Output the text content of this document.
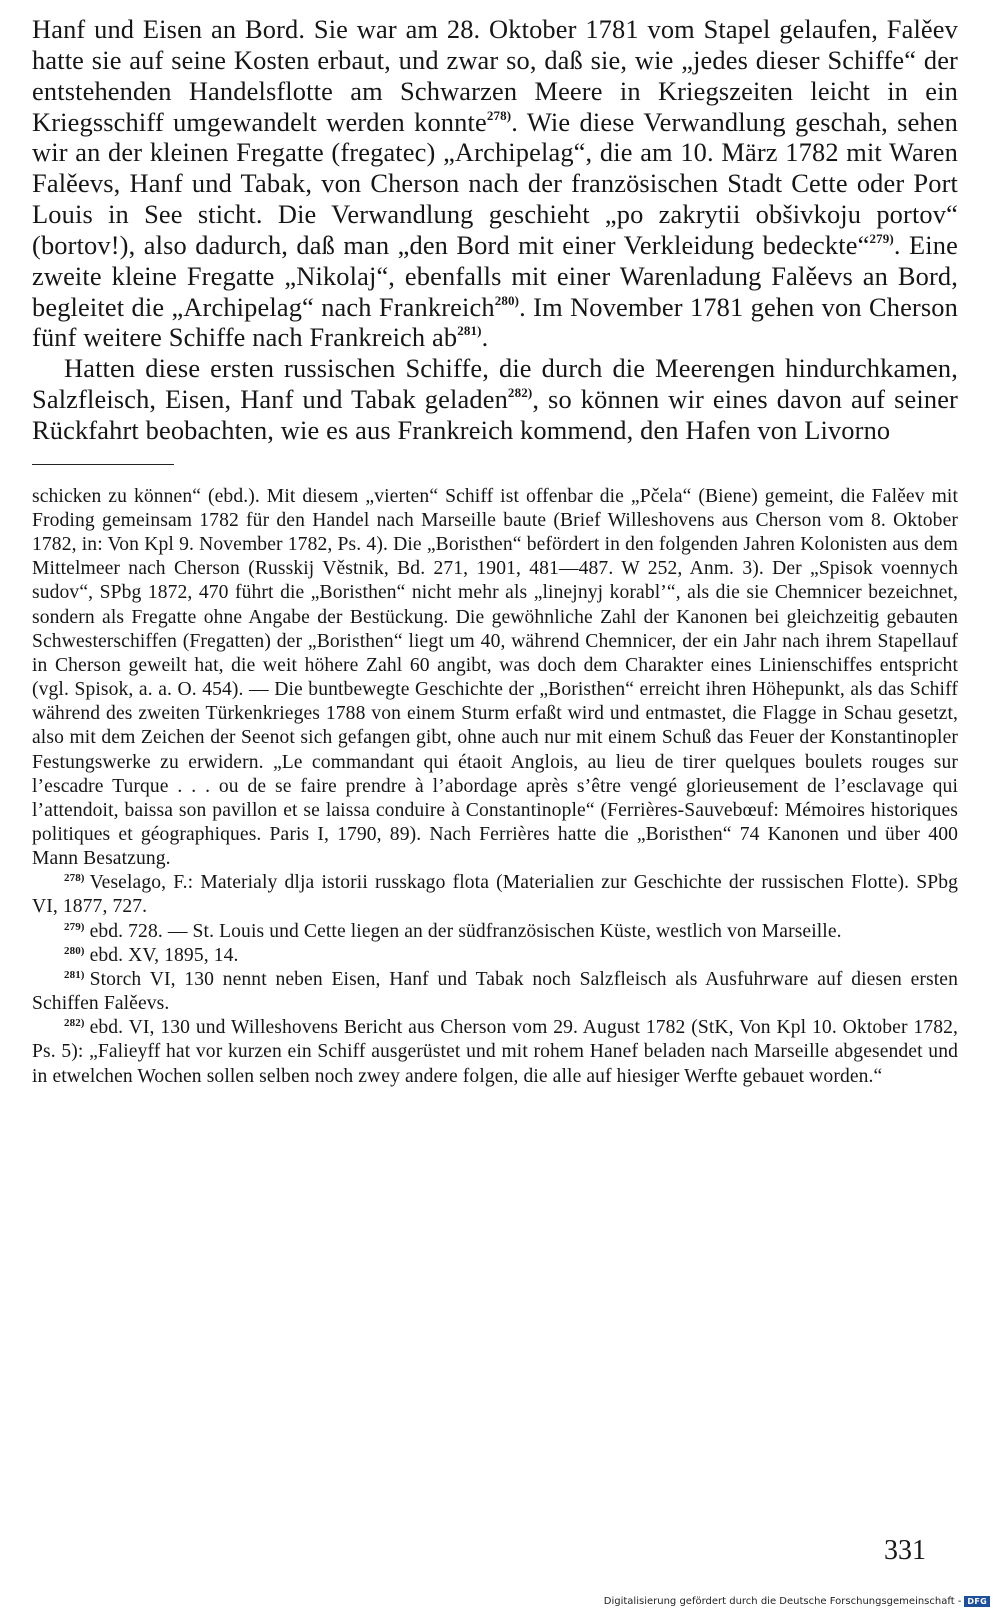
Hanf und Eisen an Bord. Sie war am 28. Oktober 1781 vom Stapel gelaufen, Falěev hatte sie auf seine Kosten erbaut, und zwar so, daß sie, wie „jedes dieser Schiffe“ der entstehenden Handelsflotte am Schwarzen Meere in Kriegszeiten leicht in ein Kriegsschiff umgewandelt werden konnte$^{278)}$. Wie diese Verwandlung geschah, sehen wir an der kleinen Fregatte (fregatec) „Archipelag“, die am 10. März 1782 mit Waren Falěevs, Hanf und Tabak, von Cherson nach der französischen Stadt Cette oder Port Louis in See sticht. Die Verwandlung geschieht „po zakrytii obšivkoju portov“ (bortov!), also dadurch, daß man „den Bord mit einer Verkleidung bedeckte“$^{279)}$. Eine zweite kleine Fregatte „Nikolaj“, ebenfalls mit einer Warenladung Falěevs an Bord, begleitet die „Archipelag“ nach Frankreich$^{280)}$. Im November 1781 gehen von Cherson fünf weitere Schiffe nach Frankreich ab$^{281)}$.

Hatten diese ersten russischen Schiffe, die durch die Meerengen hindurchkamen, Salzfleisch, Eisen, Hanf und Tabak geladen$^{282)}$, so können wir eines davon auf seiner Rückfahrt beobachten, wie es aus Frankreich kommend, den Hafen von Livorno

schicken zu können“ (ebd.). Mit diesem „vierten“ Schiff ist offenbar die „Pčela“ (Biene) gemeint, die Falěev mit Froding gemeinsam 1782 für den Handel nach Marseille baute (Brief Willeshovens aus Cherson vom 8. Oktober 1782, in: Von Kpl 9. November 1782, Ps. 4). Die „Boristhen“ befördert in den folgenden Jahren Kolonisten aus dem Mittelmeer nach Cherson (Russkij Věstnik, Bd. 271, 1901, 481—487. W 252, Anm. 3). Der „Spisok voennych sudov“, SPbg 1872, 470 führt die „Boristhen“ nicht mehr als „linejnyj korabl’“, als die sie Chemnicer bezeichnet, sondern als Fregatte ohne Angabe der Bestückung. Die gewöhnliche Zahl der Kanonen bei gleichzeitig gebauten Schwesterschiffen (Fregatten) der „Boristhen“ liegt um 40, während Chemnicer, der ein Jahr nach ihrem Stapellauf in Cherson geweilt hat, die weit höhere Zahl 60 angibt, was doch dem Charakter eines Linienschiffes entspricht (vgl. Spisok, a. a. O. 454). — Die buntbewegte Geschichte der „Boristhen“ erreicht ihren Höhepunkt, als das Schiff während des zweiten Türkenkrieges 1788 von einem Sturm erfaßt wird und entmastet, die Flagge in Schau gesetzt, also mit dem Zeichen der Seenot sich gefangen gibt, ohne auch nur mit einem Schuß das Feuer der Konstantinopler Festungswerke zu erwidern. „Le commandant qui étaoit Anglois, au lieu de tirer quelques boulets rouges sur l’escadre Turque . . . ou de se faire prendre à l’abordage après s’être vengé glorieusement de l’esclavage qui l’attendoit, baissa son pavillon et se laissa conduire à Constantinople“ (Ferrières-Sauvebœuf: Mémoires historiques politiques et géographiques. Paris I, 1790, 89). Nach Ferrières hatte die „Boristhen“ 74 Kanonen und über 400 Mann Besatzung.

$^{278)}$ Veselago, F.: Materialy dlja istorii russkago flota (Materialien zur Geschichte der russischen Flotte). SPbg VI, 1877, 727.

$^{279)}$ ebd. 728. — St. Louis und Cette liegen an der südfranzösischen Küste, westlich von Marseille.

$^{280)}$ ebd. XV, 1895, 14.

$^{281)}$ Storch VI, 130 nennt neben Eisen, Hanf und Tabak noch Salzfleisch als Ausfuhrware auf diesen ersten Schiffen Falěevs.

$^{282)}$ ebd. VI, 130 und Willeshovens Bericht aus Cherson vom 29. August 1782 (StK, Von Kpl 10. Oktober 1782, Ps. 5): „Falieyff hat vor kurzen ein Schiff ausgerüstet und mit rohem Hanef beladen nach Marseille abgesendet und in etwelchen Wochen sollen selben noch zwey andere folgen, die alle auf hiesiger Werfte gebauet worden.“

331
Digitalisierung gefördert durch die Deutsche Forschungsgemeinschaft - DFG
